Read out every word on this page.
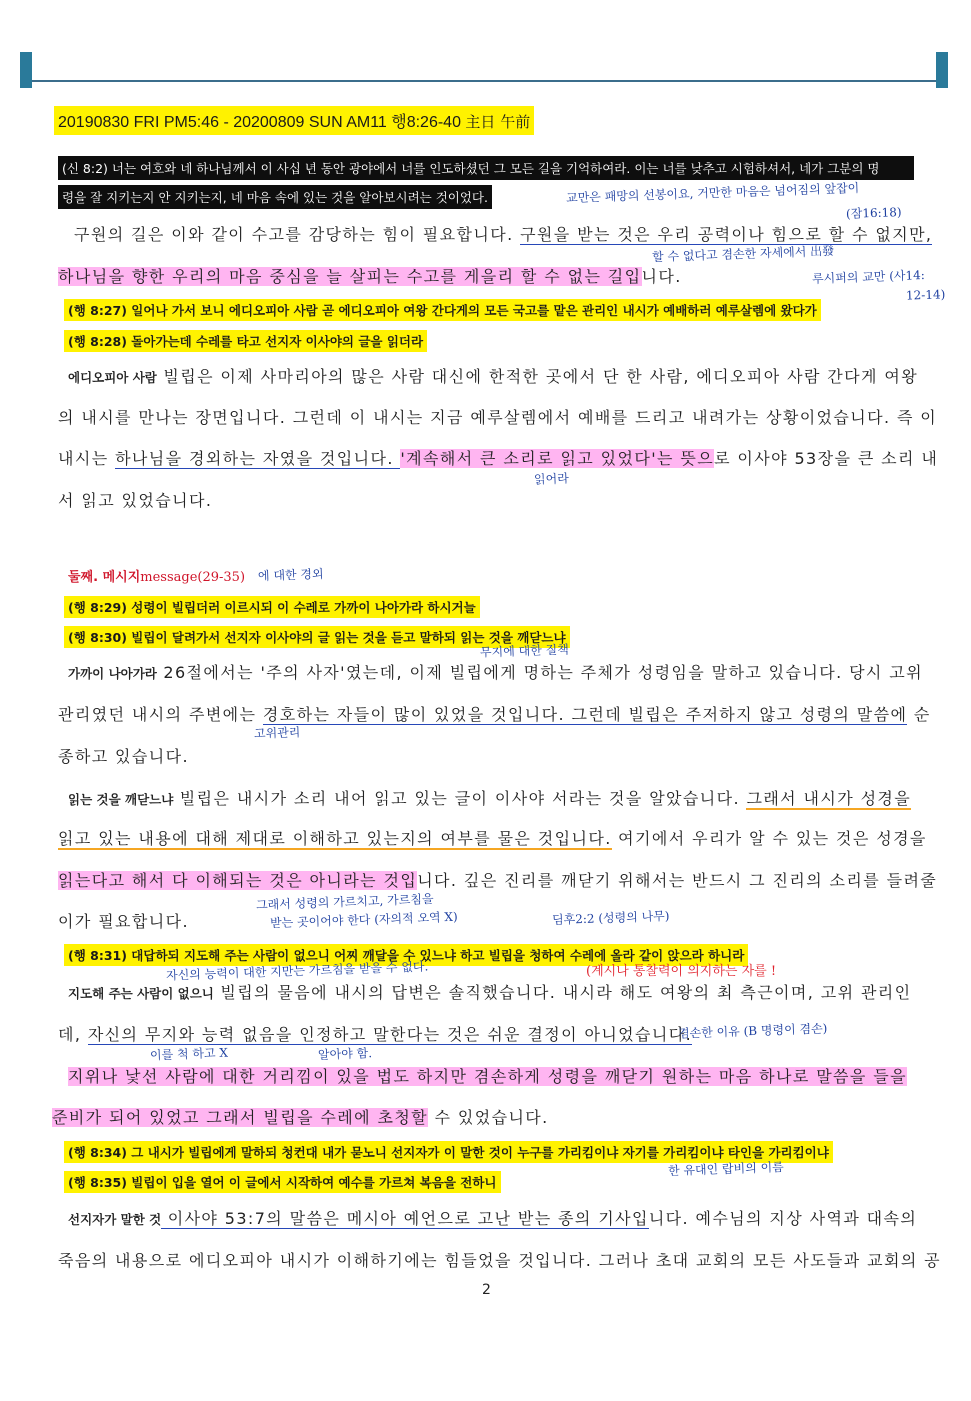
20190830 FRI PM5:46 - 20200809 SUN AM11 행8:26-40 主日 午前
(신 8:2) 너는 여호와 네 하나님께서 이 사십 년 동안 광야에서 너를 인도하셨던 그 모든 길을 기억하여라. 이는 너를 낮추고 시험하셔서, 네가 그분의 명
령을 잘 지키는지 안 지키는지, 네 마음 속에 있는 것을 알아보시려는 것이었다.
구원의 길은 이와 같이 수고를 감당하는 힘이 필요합니다. 구원을 받는 것은 우리 공력이나 힘으로 할 수 없지만,
하나님을 향한 우리의 마음 중심을 늘 살피는 수고를 게을리 할 수 없는 길입니다.
(행 8:27) 일어나 가서 보니 에디오피아 사람 곧 에디오피아 여왕 간다게의 모든 국고를 맡은 관리인 내시가 예배하러 예루살렘에 왔다가
(행 8:28) 돌아가는데 수레를 타고 선지자 이사야의 글을 읽더라
에디오피아 사람 빌립은 이제 사마리아의 많은 사람 대신에 한적한 곳에서 단 한 사람, 에디오피아 사람 간다게 여왕
의 내시를 만나는 장면입니다. 그런데 이 내시는 지금 예루살렘에서 예배를 드리고 내려가는 상황이었습니다. 즉 이
내시는 하나님을 경외하는 자였을 것입니다. '계속해서 큰 소리로 읽고 있었다'는 뜻으로 이사야 53장을 큰 소리 내
서 읽고 있었습니다.
둘째. 메시지message(29-35)
(행 8:29) 성령이 빌립더러 이르시되 이 수레로 가까이 나아가라 하시거늘
(행 8:30) 빌립이 달려가서 선지자 이사야의 글 읽는 것을 듣고 말하되 읽는 것을 깨닫느냐
가까이 나아가라 26절에서는 '주의 사자'였는데, 이제 빌립에게 명하는 주체가 성령임을 말하고 있습니다. 당시 고위
관리였던 내시의 주변에는 경호하는 자들이 많이 있었을 것입니다. 그런데 빌립은 주저하지 않고 성령의 말씀에 순
종하고 있습니다.
읽는 것을 깨닫느냐 빌립은 내시가 소리 내어 읽고 있는 글이 이사야 서라는 것을 알았습니다. 그래서 내시가 성경을
읽고 있는 내용에 대해 제대로 이해하고 있는지의 여부를 물은 것입니다. 여기에서 우리가 알 수 있는 것은 성경을
읽는다고 해서 다 이해되는 것은 아니라는 것입니다. 깊은 진리를 깨닫기 위해서는 반드시 그 진리의 소리를 들려줄
이가 필요합니다.
(행 8:31) 대답하되 지도해 주는 사람이 없으니 어찌 깨달을 수 있느냐 하고 빌립을 청하여 수레에 올라 같이 앉으라 하니라
지도해 주는 사람이 없으니 빌립의 물음에 내시의 답변은 솔직했습니다. 내시라 해도 여왕의 최 측근이며, 고위 관리인
데, 자신의 무지와 능력 없음을 인정하고 말한다는 것은 쉬운 결정이 아니었습니다.
지위나 낯선 사람에 대한 거리낌이 있을 법도 하지만 겸손하게 성령을 깨닫기 원하는 마음 하나로 말씀을 들을
준비가 되어 있었고 그래서 빌립을 수레에 초청할 수 있었습니다.
(행 8:34) 그 내시가 빌립에게 말하되 청컨대 내가 묻노니 선지자가 이 말한 것이 누구를 가리킴이냐 자기를 가리킴이냐 타인을 가리킴이냐
(행 8:35) 빌립이 입을 열어 이 글에서 시작하여 예수를 가르쳐 복음을 전하니
선지자가 말한 것 이사야 53:7의 말씀은 메시아 예언으로 고난 받는 종의 기사입니다. 예수님의 지상 사역과 대속의
죽음의 내용으로 에디오피아 내시가 이해하기에는 힘들었을 것입니다. 그러나 초대 교회의 모든 사도들과 교회의 공
2
교만은 패망의 선봉이요, 거만한 마음은 넘어짐의 앞잡이
(잠16:18)
할 수 없다고 겸손한 자세에서 出發
루시퍼의 교만 (사14:
12-14)
읽어라
에 대한 경외
무지에 대한 질책
고위관리
그래서 성령의 가르치고, 가르침을
받는 곳이어야 한다 (자의적 오역 X)	딤후2:2 (성령의 나무)
자신의 능력이 대한 지만는 가르침을 받을 수 없다.	(계시나 통찰력이 의지하는 자를 !
겸손한 이유 (B 명령이 겸손)
이를 척 하고 X	알아야 함.
한 유대인 랍비의 이름
